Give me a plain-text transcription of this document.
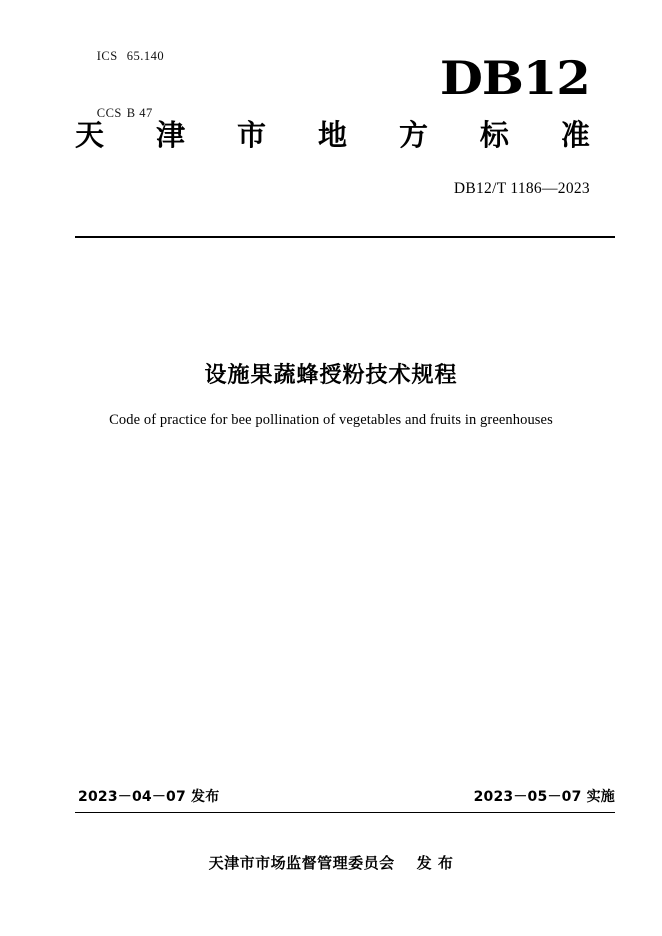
ICS 65.140

CCS B 47

DB12
天 津 市 地 方 标 准
DB12/T 1186—2023
设施果蔬蜂授粉技术规程
Code of practice for bee pollination of vegetables and fruits in greenhouses
2023－04－07 发布	2023－05－07 实施
天津市市场监督管理委员会 发 布
